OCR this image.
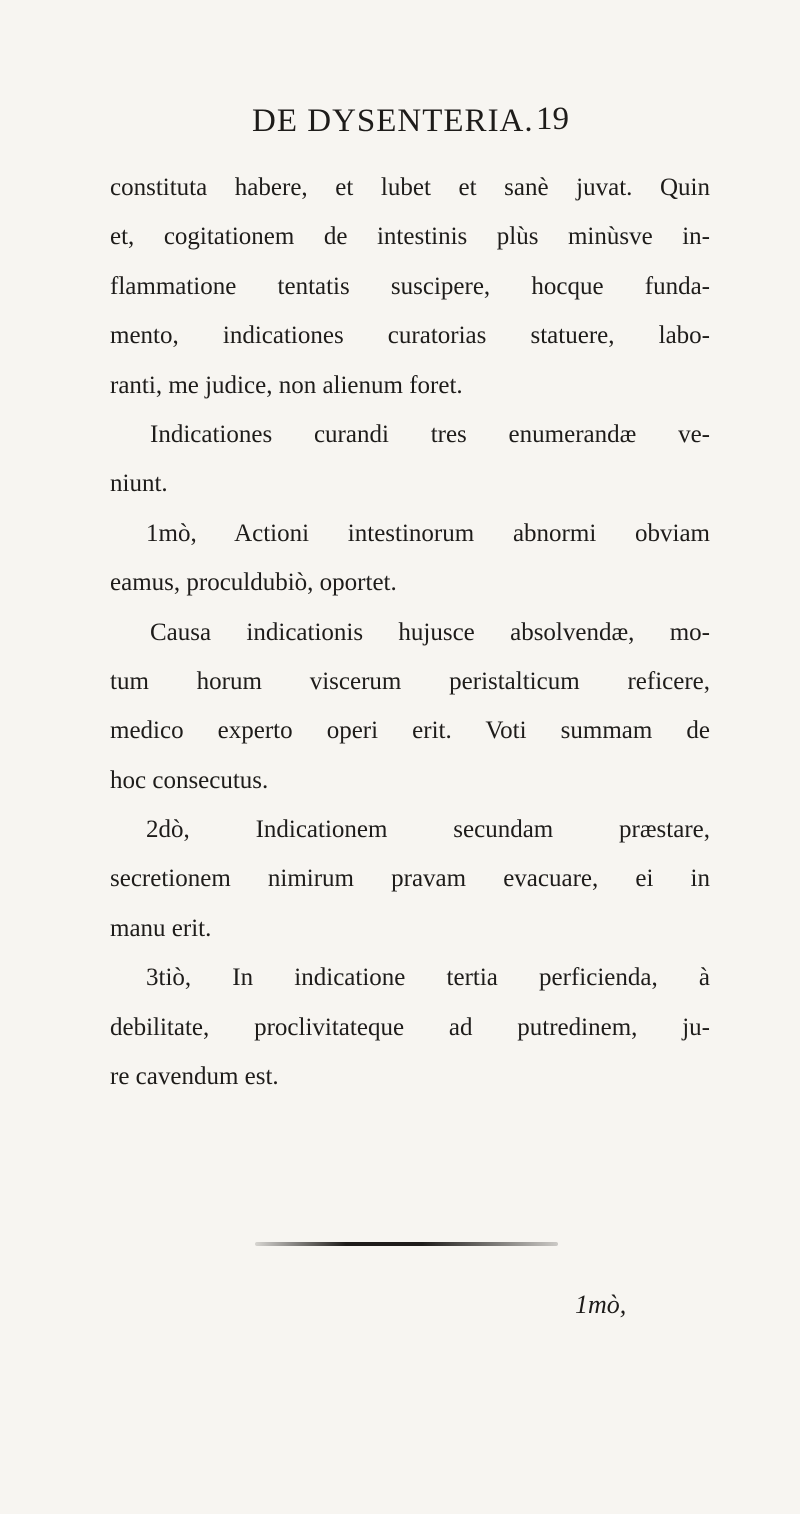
DE DYSENTERIA. 19
constituta habere, et lubet et sanè juvat. Quin
et, cogitationem de intestinis plùs minùsve in-
flammatione tentatis suscipere, hocque funda-
mento, indicationes curatorias statuere, labo-
ranti, me judice, non alienum foret.
Indicationes curandi tres enumerandæ ve-
niunt.
1mò, Actioni intestinorum abnormi obviam
eamus, proculdubiò, oportet.
Causa indicationis hujusce absolvendæ, mo-
tum horum viscerum peristalticum reficere,
medico experto operi erit. Voti summam de
hoc consecutus.
2dò, Indicationem secundam præstare,
secretionem nimirum pravam evacuare, ei in
manu erit.
3tiò, In indicatione tertia perficienda, à
debilitate, proclivitateque ad putredinem, ju-
re cavendum est.
1mò,
